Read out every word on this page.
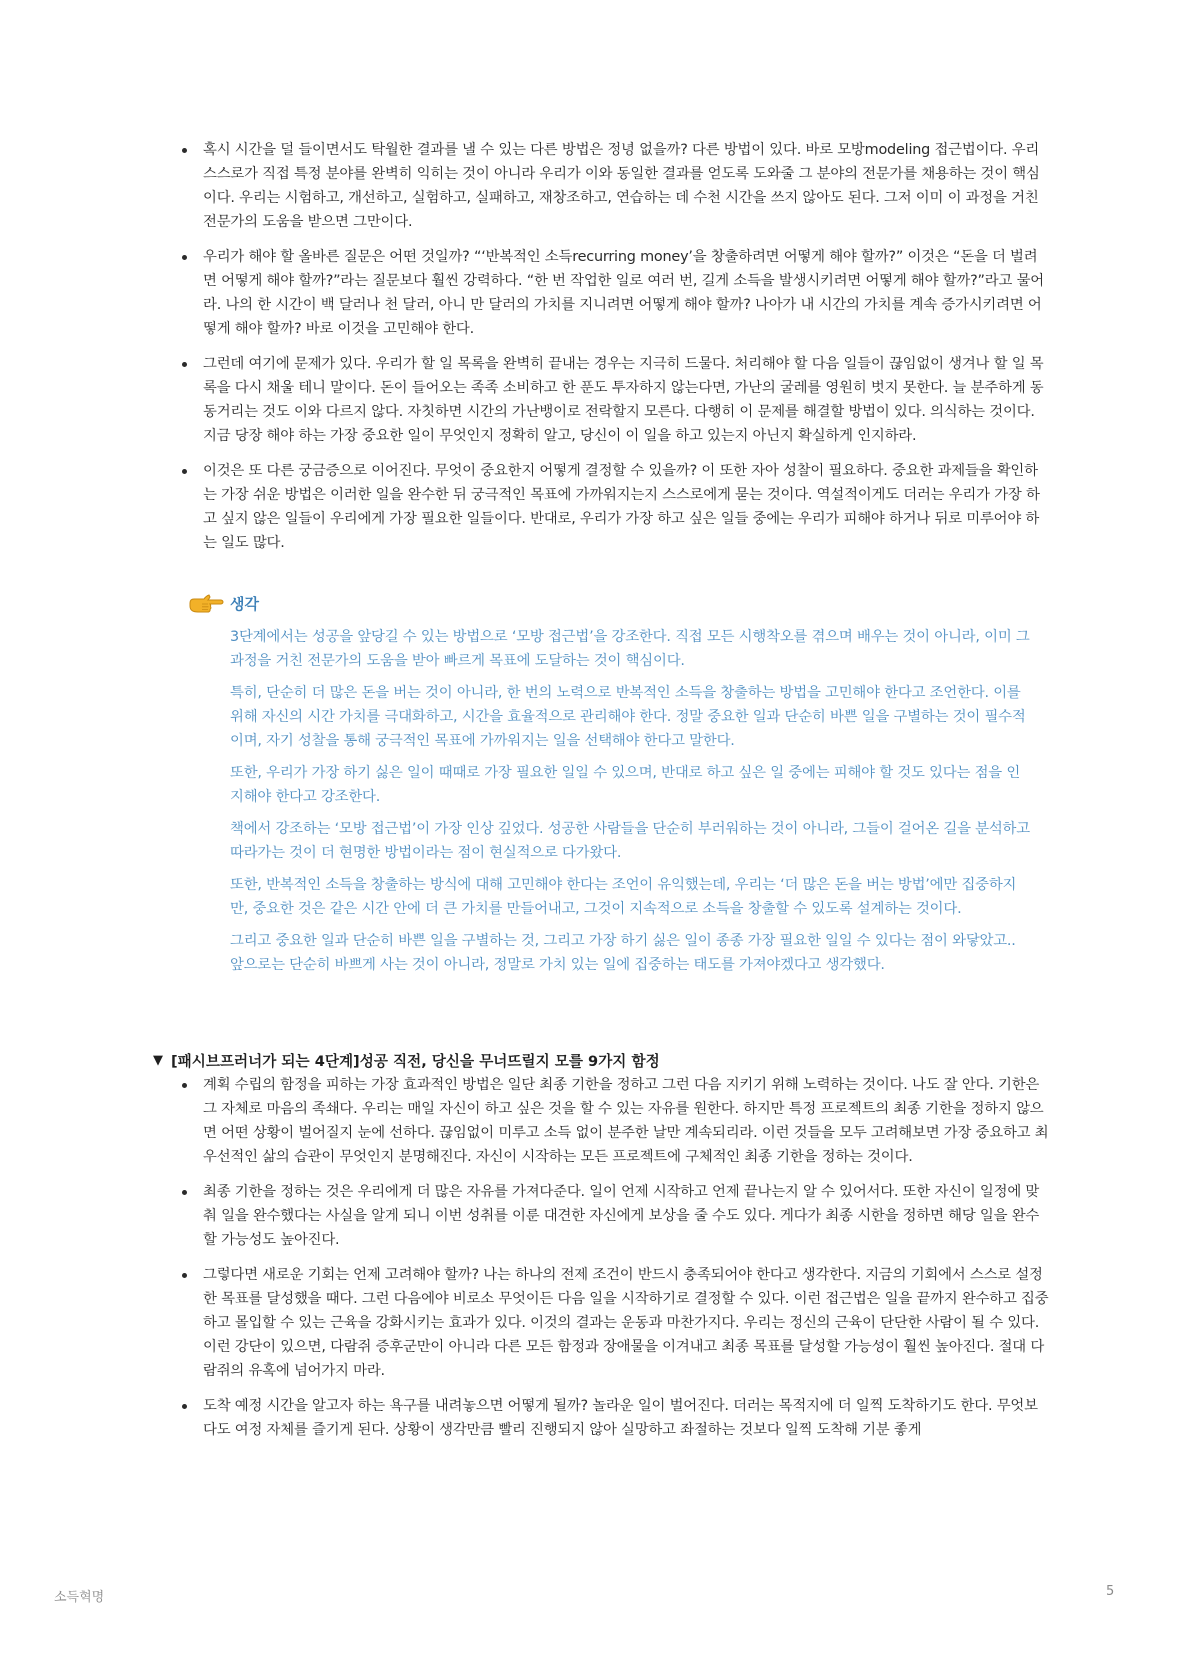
혹시 시간을 덜 들이면서도 탁월한 결과를 낼 수 있는 다른 방법은 정녕 없을까? 다른 방법이 있다. 바로 모방modeling 접근법이다. 우리 스스로가 직접 특정 분야를 완벽히 익히는 것이 아니라 우리가 이와 동일한 결과를 얻도록 도와줄 그 분야의 전문가를 채용하는 것이 핵심이다. 우리는 시험하고, 개선하고, 실험하고, 실패하고, 재창조하고, 연습하는 데 수천 시간을 쓰지 않아도 된다. 그저 이미 이 과정을 거친 전문가의 도움을 받으면 그만이다.
우리가 해야 할 올바른 질문은 어떤 것일까? “‘반복적인 소득recurring money’을 창출하려면 어떻게 해야 할까?” 이것은 “돈을 더 벌려면 어떻게 해야 할까?”라는 질문보다 훨씬 강력하다. “한 번 작업한 일로 여러 번, 길게 소득을 발생시키려면 어떻게 해야 할까?”라고 물어라. 나의 한 시간이 백 달러나 천 달러, 아니 만 달러의 가치를 지니려면 어떻게 해야 할까? 나아가 내 시간의 가치를 계속 증가시키려면 어떻게 해야 할까? 바로 이것을 고민해야 한다.
그런데 여기에 문제가 있다. 우리가 할 일 목록을 완벽히 끝내는 경우는 지극히 드물다. 처리해야 할 다음 일들이 끊임없이 생겨나 할 일 목록을 다시 채울 테니 말이다. 돈이 들어오는 족족 소비하고 한 푼도 투자하지 않는다면, 가난의 굴레를 영원히 벗지 못한다. 늘 분주하게 동동거리는 것도 이와 다르지 않다. 자칫하면 시간의 가난뱅이로 전락할지 모른다. 다행히 이 문제를 해결할 방법이 있다. 의식하는 것이다. 지금 당장 해야 하는 가장 중요한 일이 무엇인지 정확히 알고, 당신이 이 일을 하고 있는지 아닌지 확실하게 인지하라.
이것은 또 다른 궁금증으로 이어진다. 무엇이 중요한지 어떻게 결정할 수 있을까? 이 또한 자아 성찰이 필요하다. 중요한 과제들을 확인하는 가장 쉬운 방법은 이러한 일을 완수한 뒤 궁극적인 목표에 가까워지는지 스스로에게 묻는 것이다. 역설적이게도 더러는 우리가 가장 하고 싶지 않은 일들이 우리에게 가장 필요한 일들이다. 반대로, 우리가 가장 하고 싶은 일들 중에는 우리가 피해야 하거나 뒤로 미루어야 하는 일도 많다.
생각

3단계에서는 성공을 앞당길 수 있는 방법으로 ‘모방 접근법’을 강조한다. 직접 모든 시행착오를 겪으며 배우는 것이 아니라, 이미 그 과정을 거친 전문가의 도움을 받아 빠르게 목표에 도달하는 것이 핵심이다.

특히, 단순히 더 많은 돈을 버는 것이 아니라, 한 번의 노력으로 반복적인 소득을 창출하는 방법을 고민해야 한다고 조언한다. 이를 위해 자신의 시간 가치를 극대화하고, 시간을 효율적으로 관리해야 한다. 정말 중요한 일과 단순히 바쁜 일을 구별하는 것이 필수적이며, 자기 성찰을 통해 궁극적인 목표에 가까워지는 일을 선택해야 한다고 말한다.

또한, 우리가 가장 하기 싫은 일이 때때로 가장 필요한 일일 수 있으며, 반대로 하고 싶은 일 중에는 피해야 할 것도 있다는 점을 인지해야 한다고 강조한다.

책에서 강조하는 ‘모방 접근법’이 가장 인상 깊었다. 성공한 사람들을 단순히 부러워하는 것이 아니라, 그들이 걸어온 길을 분석하고 따라가는 것이 더 현명한 방법이라는 점이 현실적으로 다가왔다.

또한, 반복적인 소득을 창출하는 방식에 대해 고민해야 한다는 조언이 유익했는데, 우리는 ‘더 많은 돈을 버는 방법’에만 집중하지만, 중요한 것은 같은 시간 안에 더 큰 가치를 만들어내고, 그것이 지속적으로 소득을 창출할 수 있도록 설계하는 것이다.

그리고 중요한 일과 단순히 바쁜 일을 구별하는 것, 그리고 가장 하기 싫은 일이 종종 가장 필요한 일일 수 있다는 점이 와닿았고.. 앞으로는 단순히 바쁘게 사는 것이 아니라, 정말로 가치 있는 일에 집중하는 태도를 가져야겠다고 생각했다.

▼ [패시브프러너가 되는 4단계]성공 직전, 당신을 무너뜨릴지 모를 9가지 함정
계획 수립의 함정을 피하는 가장 효과적인 방법은 일단 최종 기한을 정하고 그런 다음 지키기 위해 노력하는 것이다. 나도 잘 안다. 기한은 그 자체로 마음의 족쇄다. 우리는 매일 자신이 하고 싶은 것을 할 수 있는 자유를 원한다. 하지만 특정 프로젝트의 최종 기한을 정하지 않으면 어떤 상황이 벌어질지 눈에 선하다. 끊임없이 미루고 소득 없이 분주한 날만 계속되리라. 이런 것들을 모두 고려해보면 가장 중요하고 최우선적인 삶의 습관이 무엇인지 분명해진다. 자신이 시작하는 모든 프로젝트에 구체적인 최종 기한을 정하는 것이다.
최종 기한을 정하는 것은 우리에게 더 많은 자유를 가져다준다. 일이 언제 시작하고 언제 끝나는지 알 수 있어서다. 또한 자신이 일정에 맞춰 일을 완수했다는 사실을 알게 되니 이번 성취를 이룬 대견한 자신에게 보상을 줄 수도 있다. 게다가 최종 시한을 정하면 해당 일을 완수할 가능성도 높아진다.
그렇다면 새로운 기회는 언제 고려해야 할까? 나는 하나의 전제 조건이 반드시 충족되어야 한다고 생각한다. 지금의 기회에서 스스로 설정한 목표를 달성했을 때다. 그런 다음에야 비로소 무엇이든 다음 일을 시작하기로 결정할 수 있다. 이런 접근법은 일을 끝까지 완수하고 집중하고 몰입할 수 있는 근육을 강화시키는 효과가 있다. 이것의 결과는 운동과 마찬가지다. 우리는 정신의 근육이 단단한 사람이 될 수 있다. 이런 강단이 있으면, 다람쥐 증후군만이 아니라 다른 모든 함정과 장애물을 이겨내고 최종 목표를 달성할 가능성이 훨씬 높아진다. 절대 다람쥐의 유혹에 넘어가지 마라.
도착 예정 시간을 알고자 하는 욕구를 내려놓으면 어떻게 될까? 놀라운 일이 벌어진다. 더러는 목적지에 더 일찍 도착하기도 한다. 무엇보다도 여정 자체를 즐기게 된다. 상황이 생각만큼 빨리 진행되지 않아 실망하고 좌절하는 것보다 일찍 도착해 기분 좋게
소득혁명	5
